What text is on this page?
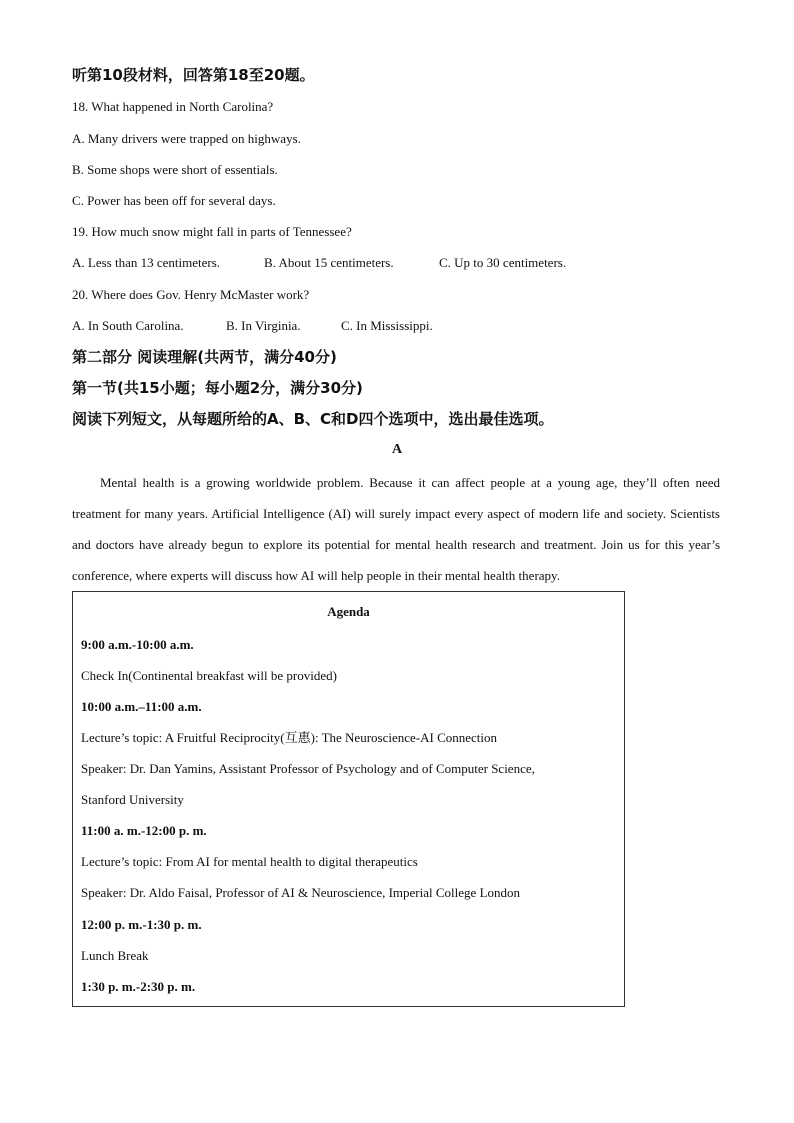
听第10段材料，回答第18至20题。
18. What happened in North Carolina?
A. Many drivers were trapped on highways.
B. Some shops were short of essentials.
C. Power has been off for several days.
19. How much snow might fall in parts of Tennessee?
A. Less than 13 centimeters.	B. About 15 centimeters.	C. Up to 30 centimeters.
20. Where does Gov. Henry McMaster work?
A. In South Carolina.	B. In Virginia.	C. In Mississippi.
第二部分 阅读理解(共两节，满分40分)
第一节(共15小题；每小题2分，满分30分)
阅读下列短文，从每题所给的A、B、C和D四个选项中，选出最佳选项。
A

Mental health is a growing worldwide problem. Because it can affect people at a young age, they’ll often need treatment for many years. Artificial Intelligence (AI) will surely impact every aspect of modern life and society. Scientists and doctors have already begun to explore its potential for mental health research and treatment. Join us for this year’s conference, where experts will discuss how AI will help people in their mental health therapy.

Agenda
9:00 a.m.-10:00 a.m.
Check In(Continental breakfast will be provided)
10:00 a.m.–11:00 a.m.
Lecture’s topic: A Fruitful Reciprocity(互惠): The Neuroscience-AI Connection
Speaker: Dr. Dan Yamins, Assistant Professor of Psychology and of Computer Science,
Stanford University
11:00 a. m.-12:00 p. m.
Lecture’s topic: From AI for mental health to digital therapeutics
Speaker: Dr. Aldo Faisal, Professor of AI & Neuroscience, Imperial College London
12:00 p. m.-1:30 p. m.
Lunch Break
1:30 p. m.-2:30 p. m.
